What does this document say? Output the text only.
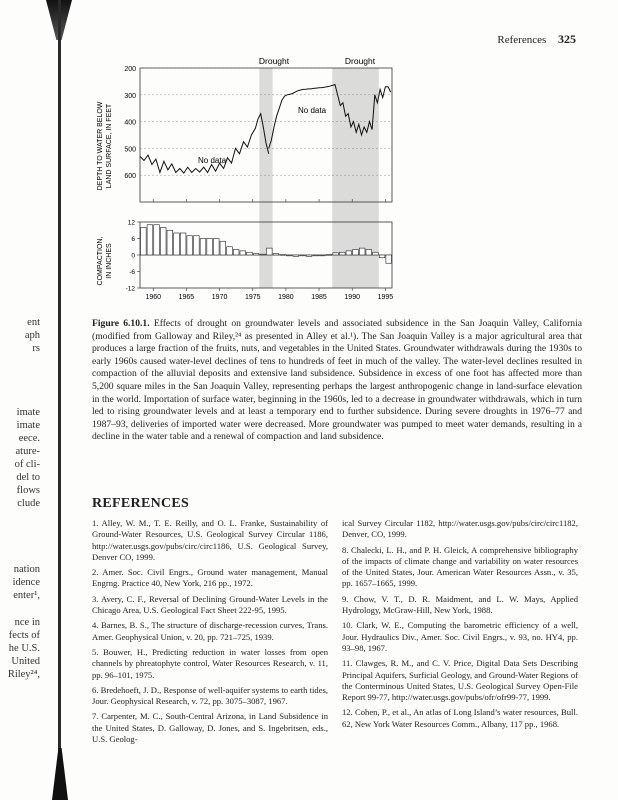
References 325
ent
aph
rs
imate
imate
eece.
ature-
of cli-
del to
flows
clude
nation
idence
enter¹,
nce in
fects of
he U.S.
United
Riley²⁴,
Drought	Drought
DEPTH TO WATER BELOW LAND SURFACE, IN FEET
COMPACTION, IN INCHES
No data
No data
200
300
400
500
600
-12
-6
0
6
12
1960	1965	1970	1975	1980	1985	1990	1995
Figure 6.10.1. Effects of drought on groundwater levels and associated subsidence in the San Joaquin Valley, California (modified from Galloway and Riley,²⁴ as presented in Alley et al.¹). The San Joaquin Valley is a major agricultural area that produces a large fraction of the fruits, nuts, and vegetables in the United States. Groundwater withdrawals during the 1930s to early 1960s caused water-level declines of tens to hundreds of feet in much of the valley. The water-level declines resulted in compaction of the alluvial deposits and extensive land subsidence. Subsidence in excess of one foot has affected more than 5,200 square miles in the San Joaquin Valley, representing perhaps the largest anthropogenic change in land-surface elevation in the world. Importation of surface water, beginning in the 1960s, led to a decrease in groundwater withdrawals, which in turn led to rising groundwater levels and at least a temporary end to further subsidence. During severe droughts in 1976–77 and 1987–93, deliveries of imported water were decreased. More groundwater was pumped to meet water demands, resulting in a decline in the water table and a renewal of compaction and land subsidence.
REFERENCES
1. Alley, W. M., T. E. Reilly, and O. L. Franke, Sustainability of Ground-Water Resources, U.S. Geological Survey Circular 1186, http://water.usgs.gov/pubs/circ/circ1186, U.S. Geological Survey, Denver CO, 1999.
2. Amer. Soc. Civil Engrs., Ground water management, Manual Engrng. Practice 40, New York, 216 pp., 1972.
3. Avery, C. F., Reversal of Declining Ground-Water Levels in the Chicago Area, U.S. Geological Fact Sheet 222-95, 1995.
4. Barnes, B. S., The structure of discharge-recession curves, Trans. Amer. Geophysical Union, v. 20, pp. 721–725, 1939.
5. Bouwer, H., Predicting reduction in water losses from open channels by phreatophyte control, Water Resources Research, v. 11, pp. 96–101, 1975.
6. Bredehoeft, J. D., Response of well-aquifer systems to earth tides, Jour. Geophysical Research, v. 72, pp. 3075–3087, 1967.
7. Carpenter, M. C., South-Central Arizona, in Land Subsidence in the United States, D. Galloway, D. Jones, and S. Ingebritsen, eds., U.S. Geolog-
ical Survey Circular 1182, http://water.usgs.gov/pubs/circ/circ1182, Denver, CO, 1999.
8. Chalecki, L. H., and P. H. Gleick, A comprehensive bibliography of the impacts of climate change and variability on water resources of the United States, Jour. American Water Resources Assn., v. 35, pp. 1657–1665, 1999.
9. Chow, V. T., D. R. Maidment, and L. W. Mays, Applied Hydrology, McGraw-Hill, New York, 1988.
10. Clark, W. E., Computing the barometric efficiency of a well, Jour. Hydraulics Div., Amer. Soc. Civil Engrs., v. 93, no. HY4, pp. 93–98, 1967.
11. Clawges, R. M., and C. V. Price, Digital Data Sets Describing Principal Aquifers, Surficial Geology, and Ground-Water Regions of the Conterminous United States, U.S. Geological Survey Open-File Report 99-77, http://water.usgs.gov/pubs/ofr/ofr99-77, 1999.
12. Cohen, P., et al., An atlas of Long Island’s water resources, Bull. 62, New York Water Resources Comm., Albany, 117 pp., 1968.
